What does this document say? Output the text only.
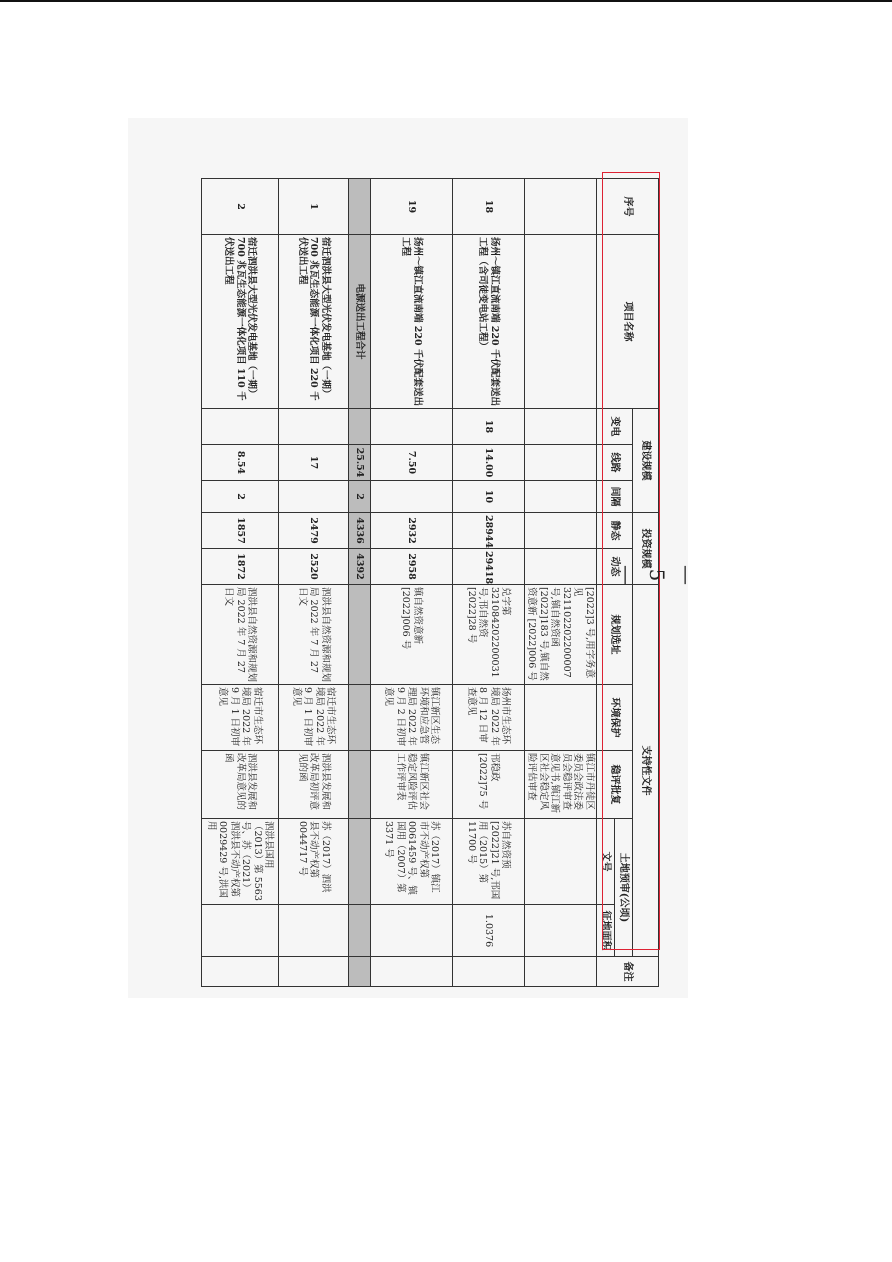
序号	项目名称	建设规模			投资规模		支持性文件					备注
		变电	线路	间隔	静态	动态	规划选址	环境保护	稳评批复	土地预审(公顷)		
										文号	征地面积	
							[2022]3 号,用字务意见 321102202200007 号,镇自然资函 [2022]183 号,镇自然资意新 [2022]006 号		镇江市丹徒区委员会政法委员会稳评审查意见书,镇江新区社会稳定风险评估审查			
18	扬州～镇江直流南端 220 千伏配套送出工程（含司徒变电站工程）	18	14.00	10	28944	29418	兑字第 321084202200031 号,邗自然资 [2022]28 号	扬州市生态环境局 2022 年 8 月 12 日审查意见	邗稳政 [2022]75 号	苏自然资预[2022]21 号,邗国用（2015）第 11700 号	1.0376	
19	扬州～镇江直流南端 220 千伏配套送出工程		7.50		2932	2958	镇自然资意新 [2022]006 号	镇江新区生态环境和应急管理局 2022 年 9 月 2 日初审意见	镇江新区社会稳定风险评估工作评审表	苏（2017）镇江市不动产权第 0061459 号、镇国用（2007）第 3371 号		
	电源送出工程合计		25.54	2	4336	4392						
1	宿迁泗洪县大型光伏发电基地（一期）700 兆瓦生态能源一体化项目 220 千伏送出工程		17		2479	2520	泗洪县自然资源和规划局 2022 年 7 月 27 日文	宿迁市生态环境局 2022 年 9 月 1 日初审意见	泗洪县发展和改革局初评意见的函	苏（2017）泗洪县不动产权第 0044717 号		
2	宿迁泗洪县大型光伏发电基地（一期）700 兆瓦生态能源一体化项目 110 千伏送出工程		8.54	2	1857	1872	泗洪县自然资源和规划局 2022 年 7 月 27 日文	宿迁市生态环境局 2022 年 9 月 1 日初审意见	泗洪县发展和改革局意见的函	泗洪县国用（2013）第 5563 号、苏（2021）泗洪县不动产权第 0029429 号,洪国用		
—5—
